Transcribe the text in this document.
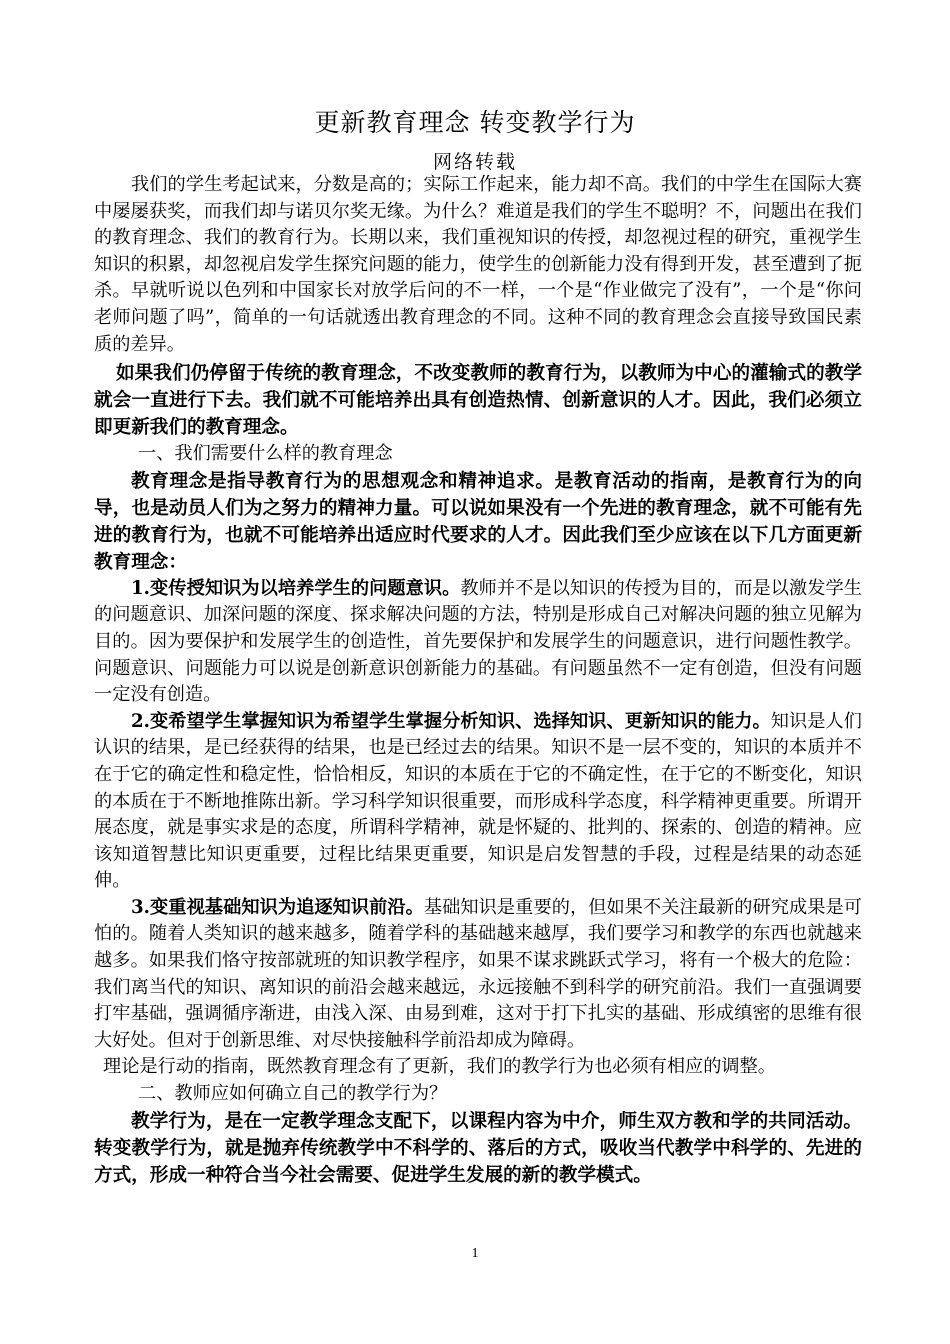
更新教育理念 转变教学行为
网络转载

我们的学生考起试来，分数是高的；实际工作起来，能力却不高。我们的中学生在国际大赛中屡屡获奖，而我们却与诺贝尔奖无缘。为什么？难道是我们的学生不聪明？不，问题出在我们的教育理念、我们的教育行为。长期以来，我们重视知识的传授，却忽视过程的研究，重视学生知识的积累，却忽视启发学生探究问题的能力，使学生的创新能力没有得到开发，甚至遭到了扼杀。早就听说以色列和中国家长对放学后问的不一样，一个是“作业做完了没有”，一个是“你问老师问题了吗”，简单的一句话就透出教育理念的不同。这种不同的教育理念会直接导致国民素质的差异。

如果我们仍停留于传统的教育理念，不改变教师的教育行为，以教师为中心的灌输式的教学就会一直进行下去。我们就不可能培养出具有创造热情、创新意识的人才。因此，我们必须立即更新我们的教育理念。

一、我们需要什么样的教育理念

教育理念是指导教育行为的思想观念和精神追求。是教育活动的指南，是教育行为的向导，也是动员人们为之努力的精神力量。可以说如果没有一个先进的教育理念，就不可能有先进的教育行为，也就不可能培养出适应时代要求的人才。因此我们至少应该在以下几方面更新教育理念：

1.变传授知识为以培养学生的问题意识。教师并不是以知识的传授为目的，而是以激发学生的问题意识、加深问题的深度、探求解决问题的方法，特别是形成自己对解决问题的独立见解为目的。因为要保护和发展学生的创造性，首先要保护和发展学生的问题意识，进行问题性教学。问题意识、问题能力可以说是创新意识创新能力的基础。有问题虽然不一定有创造，但没有问题一定没有创造。

2.变希望学生掌握知识为希望学生掌握分析知识、选择知识、更新知识的能力。知识是人们认识的结果，是已经获得的结果，也是已经过去的结果。知识不是一层不变的，知识的本质并不在于它的确定性和稳定性，恰恰相反，知识的本质在于它的不确定性，在于它的不断变化，知识的本质在于不断地推陈出新。学习科学知识很重要，而形成科学态度，科学精神更重要。所谓开展态度，就是事实求是的态度，所谓科学精神，就是怀疑的、批判的、探索的、创造的精神。应该知道智慧比知识更重要，过程比结果更重要，知识是启发智慧的手段，过程是结果的动态延伸。

3.变重视基础知识为追逐知识前沿。基础知识是重要的，但如果不关注最新的研究成果是可怕的。随着人类知识的越来越多，随着学科的基础越来越厚，我们要学习和教学的东西也就越来越多。如果我们恪守按部就班的知识教学程序，如果不谋求跳跃式学习，将有一个极大的危险：我们离当代的知识、离知识的前沿会越来越远，永远接触不到科学的研究前沿。我们一直强调要打牢基础，强调循序渐进，由浅入深、由易到难，这对于打下扎实的基础、形成缜密的思维有很大好处。但对于创新思维、对尽快接触科学前沿却成为障碍。

理论是行动的指南，既然教育理念有了更新，我们的教学行为也必须有相应的调整。

二、教师应如何确立自己的教学行为？

教学行为，是在一定教学理念支配下，以课程内容为中介，师生双方教和学的共同活动。转变教学行为，就是抛弃传统教学中不科学的、落后的方式，吸收当代教学中科学的、先进的方式，形成一种符合当今社会需要、促进学生发展的新的教学模式。

1
